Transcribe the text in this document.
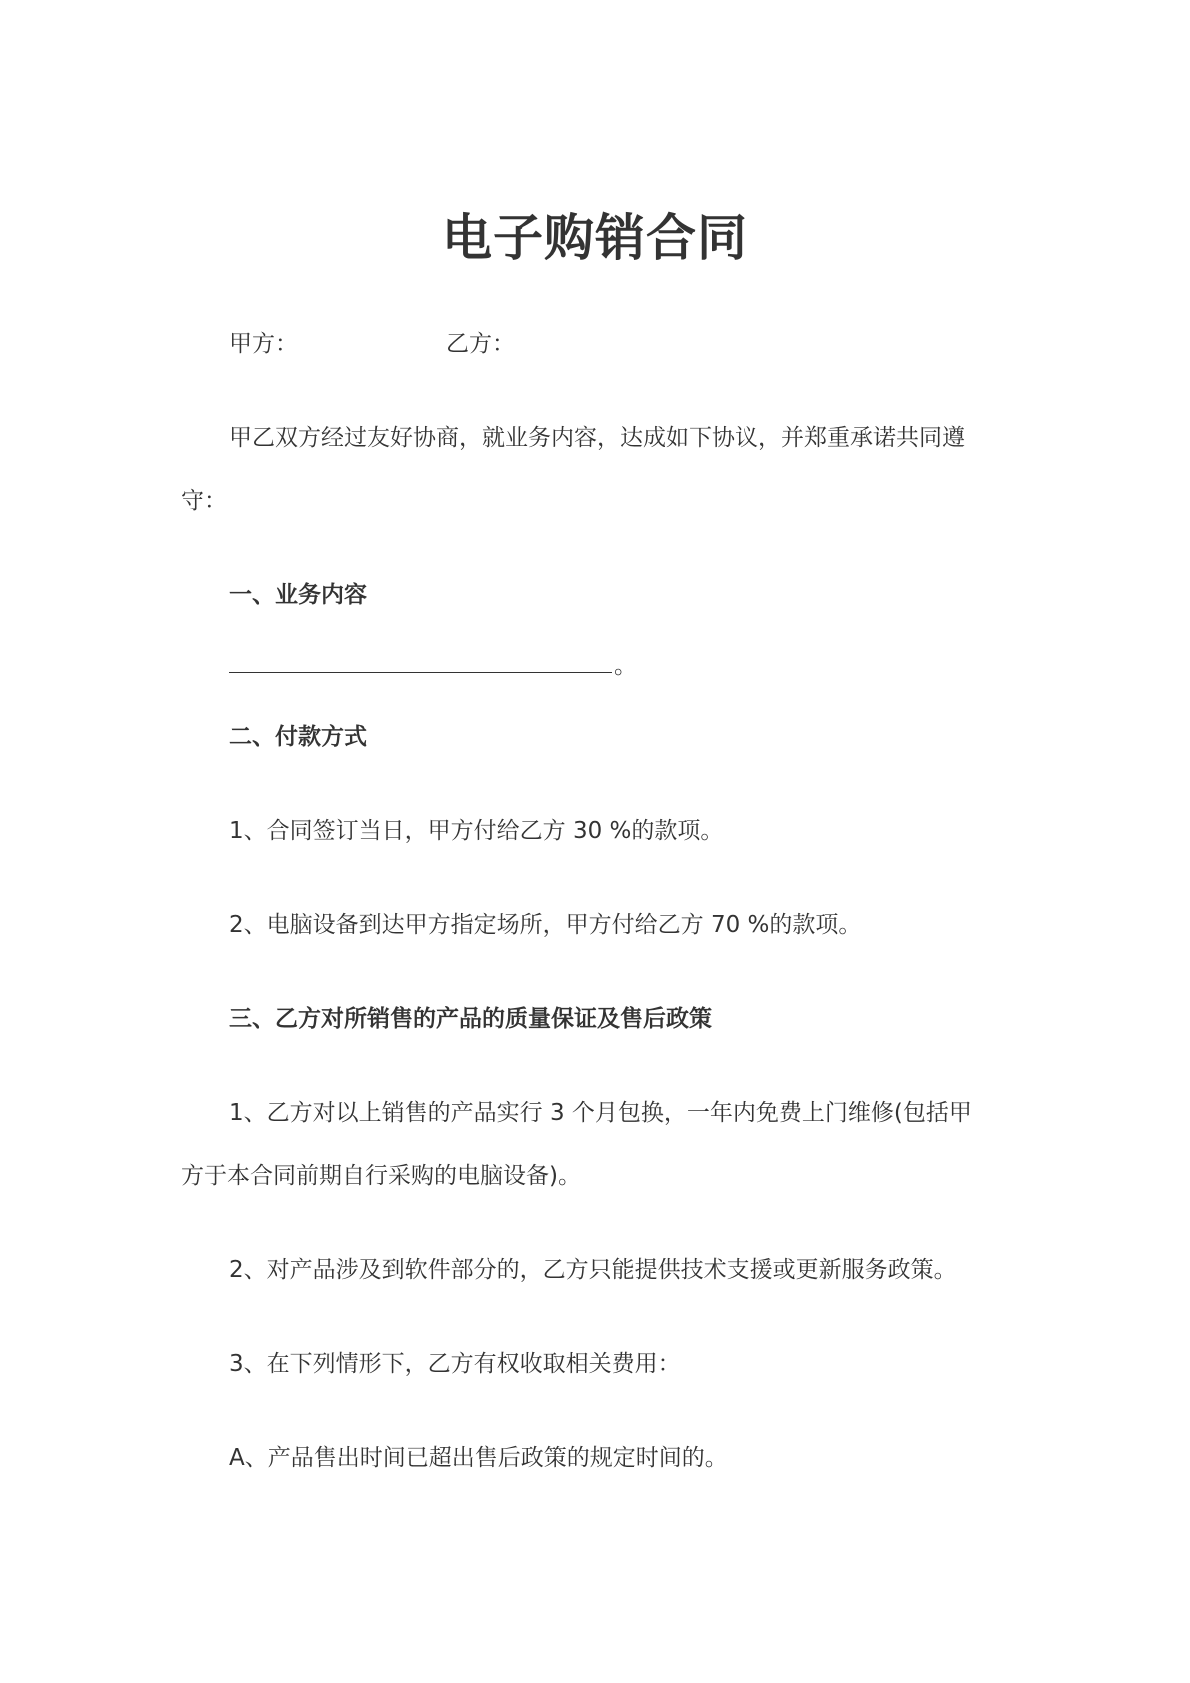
电子购销合同

甲方：	乙方：

甲乙双方经过友好协商，就业务内容，达成如下协议，并郑重承诺共同遵

守：

一、业务内容

。

二、付款方式

1、合同签订当日，甲方付给乙方 30 %的款项。

2、电脑设备到达甲方指定场所，甲方付给乙方 70 %的款项。

三、乙方对所销售的产品的质量保证及售后政策

1、乙方对以上销售的产品实行 3 个月包换，一年内免费上门维修(包括甲

方于本合同前期自行采购的电脑设备)。

2、对产品涉及到软件部分的，乙方只能提供技术支援或更新服务政策。

3、在下列情形下，乙方有权收取相关费用：

A、产品售出时间已超出售后政策的规定时间的。
